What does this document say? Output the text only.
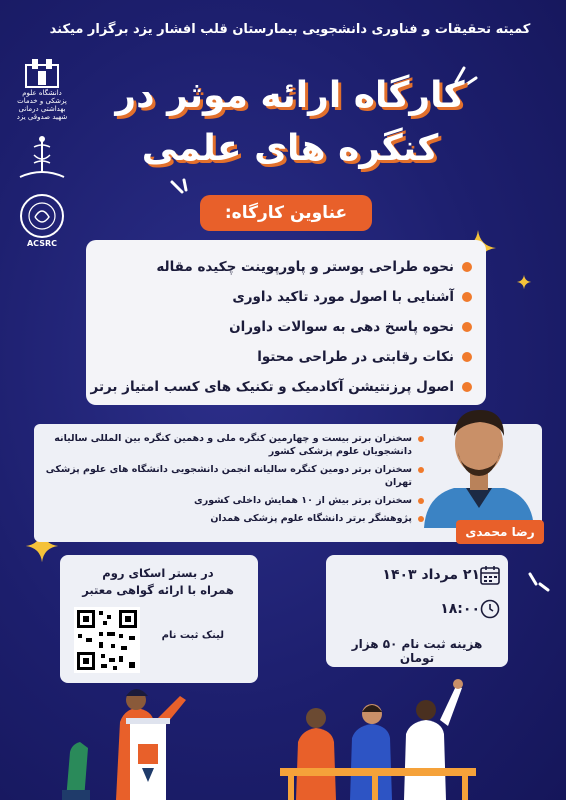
کمیته تحقیقات و فناوری دانشجویی بیمارستان قلب افشار یزد برگزار میکند
دانشگاه علوم پزشکی و خدمات بهداشتی درمانی شهید صدوقی یزد
ACSRC
کارگاه ارائه موثر در
کنگره های علمی
عناوین کارگاه:
نحوه طراحی پوستر و پاورپوینت چکیده مقاله
آشنایی با اصول مورد تاکید داوری
نحوه پاسخ دهی به سوالات داوران
نکات رقابتی در طراحی محتوا
اصول پرزنتیشن آکادمیک و تکنیک های کسب امتیاز برتر
سخنران برتر بیست و چهارمین کنگره ملی و دهمین کنگره بین المللی سالیانه دانشجویان علوم پزشکی کشور
سخنران برتر دومین کنگره سالیانه انجمن دانشجویی دانشگاه های علوم پزشکی تهران
سخنران برتر بیش از ۱۰ همایش داخلی کشوری
پژوهشگر برتر دانشگاه علوم پزشکی همدان
رضا محمدی
در بستر اسکای روم
همراه با ارائه گواهی معتبر
لینک ثبت نام
۲۱ مرداد ۱۴۰۳
۱۸:۰۰
هزینه ثبت نام ۵۰ هزار تومان
